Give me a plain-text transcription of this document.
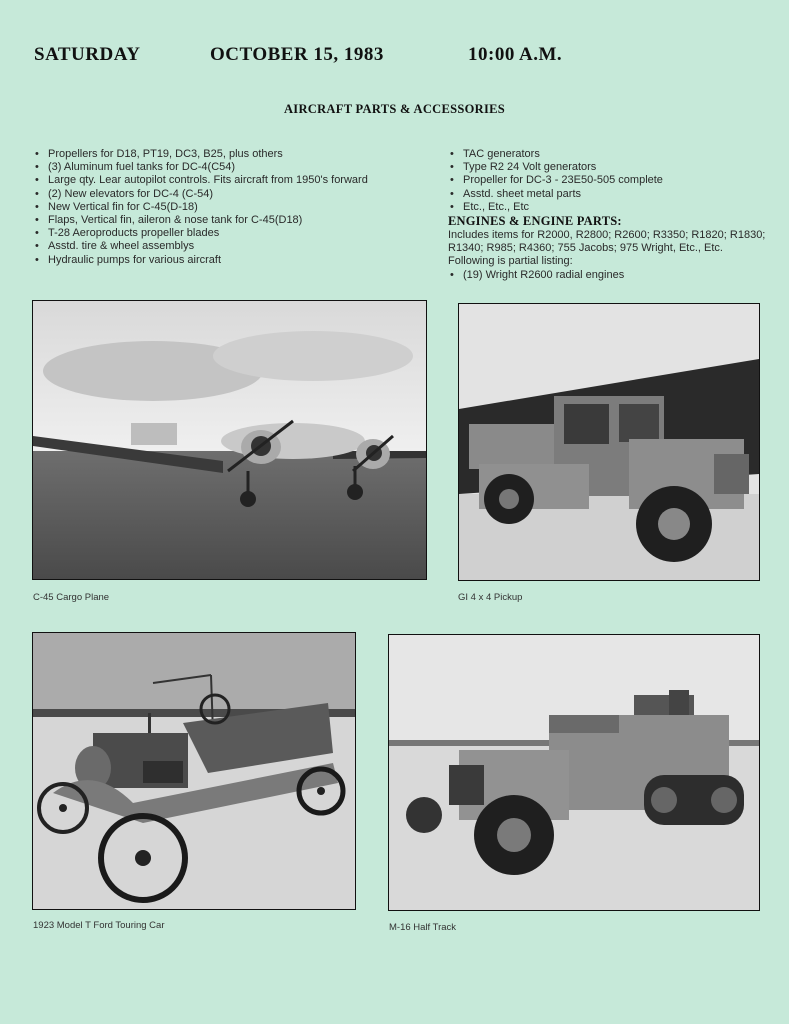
SATURDAY	OCTOBER 15, 1983	10:00 A.M.
AIRCRAFT PARTS & ACCESSORIES
• Propellers for D18, PT19, DC3, B25, plus others
• (3) Aluminum fuel tanks for DC-4(C54)
• Large qty. Lear autopilot controls. Fits aircraft from 1950's forward
• (2) New elevators for DC-4 (C-54)
• New Vertical fin for C-45(D-18)
• Flaps, Vertical fin, aileron & nose tank for C-45(D18)
• T-28 Aeroproducts propeller blades
• Asstd. tire & wheel assemblys
• Hydraulic pumps for various aircraft
• TAC generators
• Type R2 24 Volt generators
• Propeller for DC-3 - 23E50-505 complete
• Asstd. sheet metal parts
• Etc., Etc., Etc
ENGINES & ENGINE PARTS:
Includes items for R2000, R2800; R2600; R3350; R1820; R1830; R1340; R985; R4360; 755 Jacobs; 975 Wright, Etc., Etc.
Following is partial listing:
• (19) Wright R2600 radial engines
C-45 Cargo Plane	GI 4 x 4 Pickup
1923 Model T Ford Touring Car	M-16 Half Track
